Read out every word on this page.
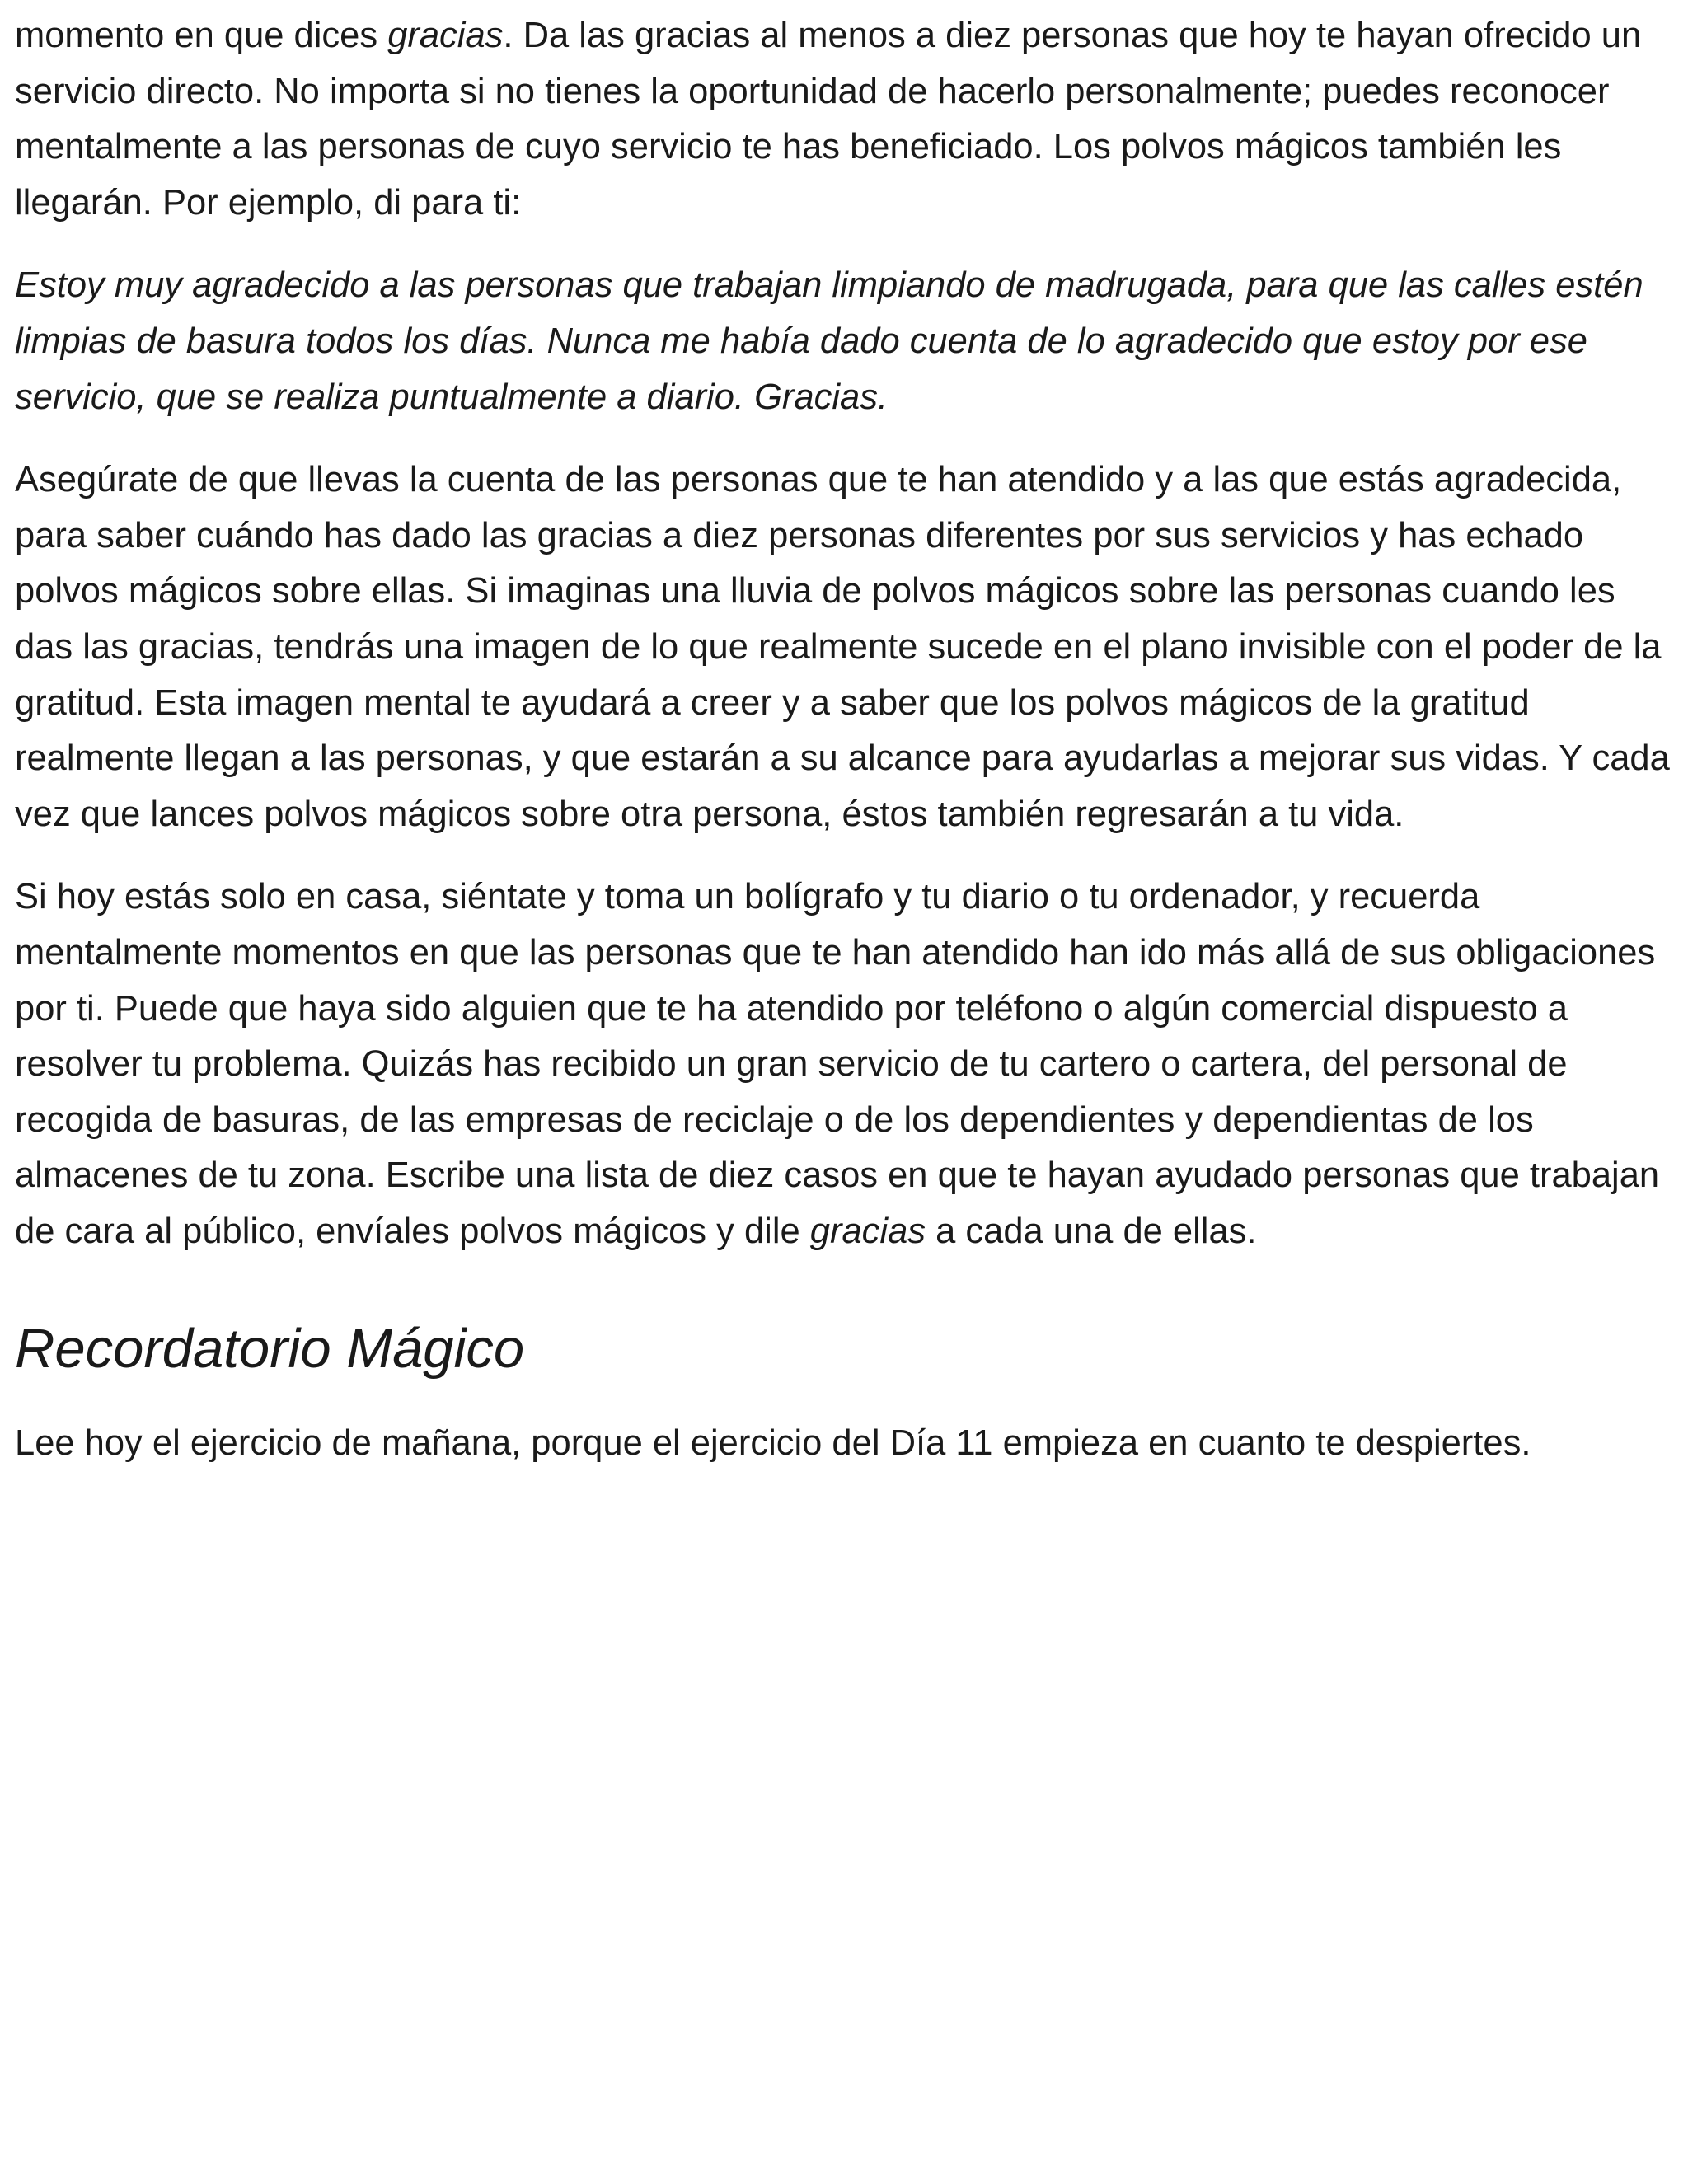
momento en que dices gracias. Da las gracias al menos a diez personas que hoy te hayan ofrecido un servicio directo. No importa si no tienes la oportunidad de hacerlo personalmente; puedes reconocer mentalmente a las personas de cuyo servicio te has beneficiado. Los polvos mágicos también les llegarán. Por ejemplo, di para ti:

Estoy muy agradecido a las personas que trabajan limpiando de madrugada, para que las calles estén limpias de basura todos los días. Nunca me había dado cuenta de lo agradecido que estoy por ese servicio, que se realiza puntualmente a diario. Gracias.

Asegúrate de que llevas la cuenta de las personas que te han atendido y a las que estás agradecida, para saber cuándo has dado las gracias a diez personas diferentes por sus servicios y has echado polvos mágicos sobre ellas. Si imaginas una lluvia de polvos mágicos sobre las personas cuando les das las gracias, tendrás una imagen de lo que realmente sucede en el plano invisible con el poder de la gratitud. Esta imagen mental te ayudará a creer y a saber que los polvos mágicos de la gratitud realmente llegan a las personas, y que estarán a su alcance para ayudarlas a mejorar sus vidas. Y cada vez que lances polvos mágicos sobre otra persona, éstos también regresarán a tu vida.

Si hoy estás solo en casa, siéntate y toma un bolígrafo y tu diario o tu ordenador, y recuerda mentalmente momentos en que las personas que te han atendido han ido más allá de sus obligaciones por ti. Puede que haya sido alguien que te ha atendido por teléfono o algún comercial dispuesto a resolver tu problema. Quizás has recibido un gran servicio de tu cartero o cartera, del personal de recogida de basuras, de las empresas de reciclaje o de los dependientes y dependientas de los almacenes de tu zona. Escribe una lista de diez casos en que te hayan ayudado personas que trabajan de cara al público, envíales polvos mágicos y dile gracias a cada una de ellas.

Recordatorio Mágico

Lee hoy el ejercicio de mañana, porque el ejercicio del Día 11 empieza en cuanto te despiertes.
